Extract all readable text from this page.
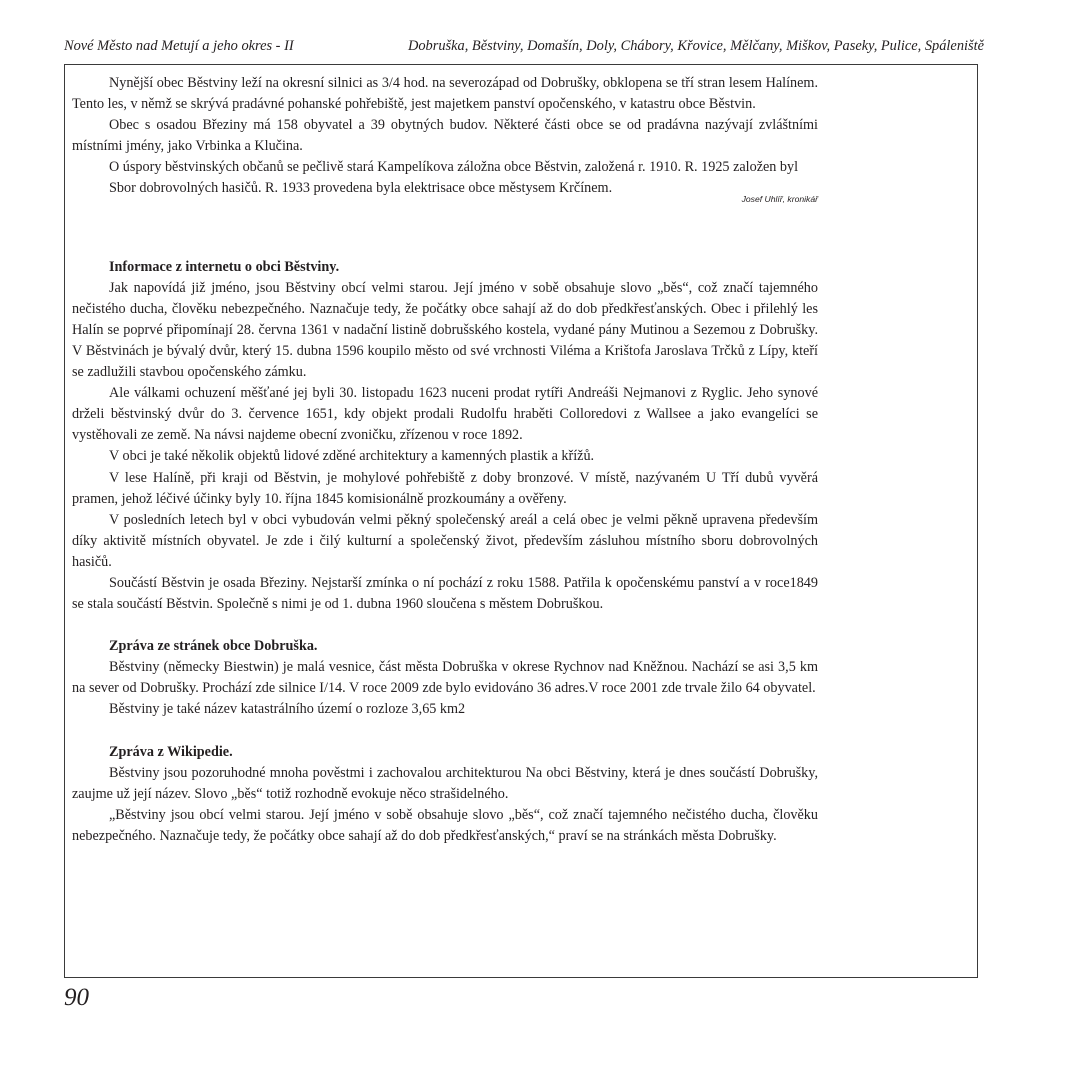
Nové Město nad Metují a jeho okres - II	Dobruška, Běstviny, Domašín, Doly, Chábory, Křovice, Mělčany, Miškov, Paseky, Pulice, Spáleniště

Nynější obec Běstviny leží na okresní silnici as 3/4 hod. na severozápad od Dobrušky, obklopena se tří stran lesem Halínem. Tento les, v němž se skrývá pradávné pohanské pohřebiště, jest majetkem panství opočenského, v katastru obce Běstvin.

Obec s osadou Březiny má 158 obyvatel a 39 obytných budov. Některé části obce se od pradávna nazývají zvláštními místními jmény, jako Vrbinka a Klučina.

O úspory běstvinských občanů se pečlivě stará Kampelíkova záložna obce Běstvin, založená r. 1910. R. 1925 založen byl

Sbor dobrovolných hasičů. R. 1933 provedena byla elektrisace obce městysem Krčínem.

Josef Uhlíř, kronikář

Informace z internetu o obci Běstviny.

Jak napovídá již jméno, jsou Běstviny obcí velmi starou. Její jméno v sobě obsahuje slovo „běs“, což značí tajemného nečistého ducha, člověku nebezpečného. Naznačuje tedy, že počátky obce sahají až do dob předkřesťanských. Obec i přilehlý les Halín se poprvé připomínají 28. června 1361 v nadační listině dobrušského kostela, vydané pány Mutinou a Sezemou z Dobrušky. V Běstvinách je bývalý dvůr, který 15. dubna 1596 koupilo město od své vrchnosti Viléma a Krištofa Jaroslava Trčků z Lípy, kteří se zadlužili stavbou opočenského zámku.

Ale válkami ochuzení měšťané jej byli 30. listopadu 1623 nuceni prodat rytíři Andreáši Nejmanovi z Ryglic. Jeho synové drželi běstvinský dvůr do 3. července 1651, kdy objekt prodali Rudolfu hraběti Colloredovi z Wallsee a jako evangelíci se vystěhovali ze země. Na návsi najdeme obecní zvoničku, zřízenou v roce 1892.

V obci je také několik objektů lidové zděné architektury a kamenných plastik a křížů.

V lese Halíně, při kraji od Běstvin, je mohylové pohřebiště z doby bronzové. V místě, nazývaném U Tří dubů vyvěrá pramen, jehož léčivé účinky byly 10. října 1845 komisionálně prozkoumány a ověřeny.

V posledních letech byl v obci vybudován velmi pěkný společenský areál a celá obec je velmi pěkně upravena především díky aktivitě místních obyvatel. Je zde i čilý kulturní a společenský život, především zásluhou místního sboru dobrovolných hasičů.

Součástí Běstvin je osada Březiny. Nejstarší zmínka o ní pochází z roku 1588. Patřila k opočenskému panství a v roce1849 se stala součástí Běstvin. Společně s nimi je od 1. dubna 1960 sloučena s městem Dobruškou.

Zpráva ze stránek obce Dobruška.

Běstviny (německy Biestwin) je malá vesnice, část města Dobruška v okrese Rychnov nad Kněžnou. Nachází se asi 3,5 km na sever od Dobrušky. Prochází zde silnice I/14. V roce 2009 zde bylo evidováno 36 adres.V roce 2001 zde trvale žilo 64 obyvatel.

Běstviny je také název katastrálního území o rozloze 3,65 km2

Zpráva z Wikipedie.

Běstviny jsou pozoruhodné mnoha pověstmi i zachovalou architekturou Na obci Běstviny, která je dnes součástí Dobrušky, zaujme už její název. Slovo „běs“ totiž rozhodně evokuje něco strašidelného.

„Běstviny jsou obcí velmi starou. Její jméno v sobě obsahuje slovo „běs“, což značí tajemného nečistého ducha, člověku nebezpečného. Naznačuje tedy, že počátky obce sahají až do dob předkřesťanských,“ praví se na stránkách města Dobrušky.

90
